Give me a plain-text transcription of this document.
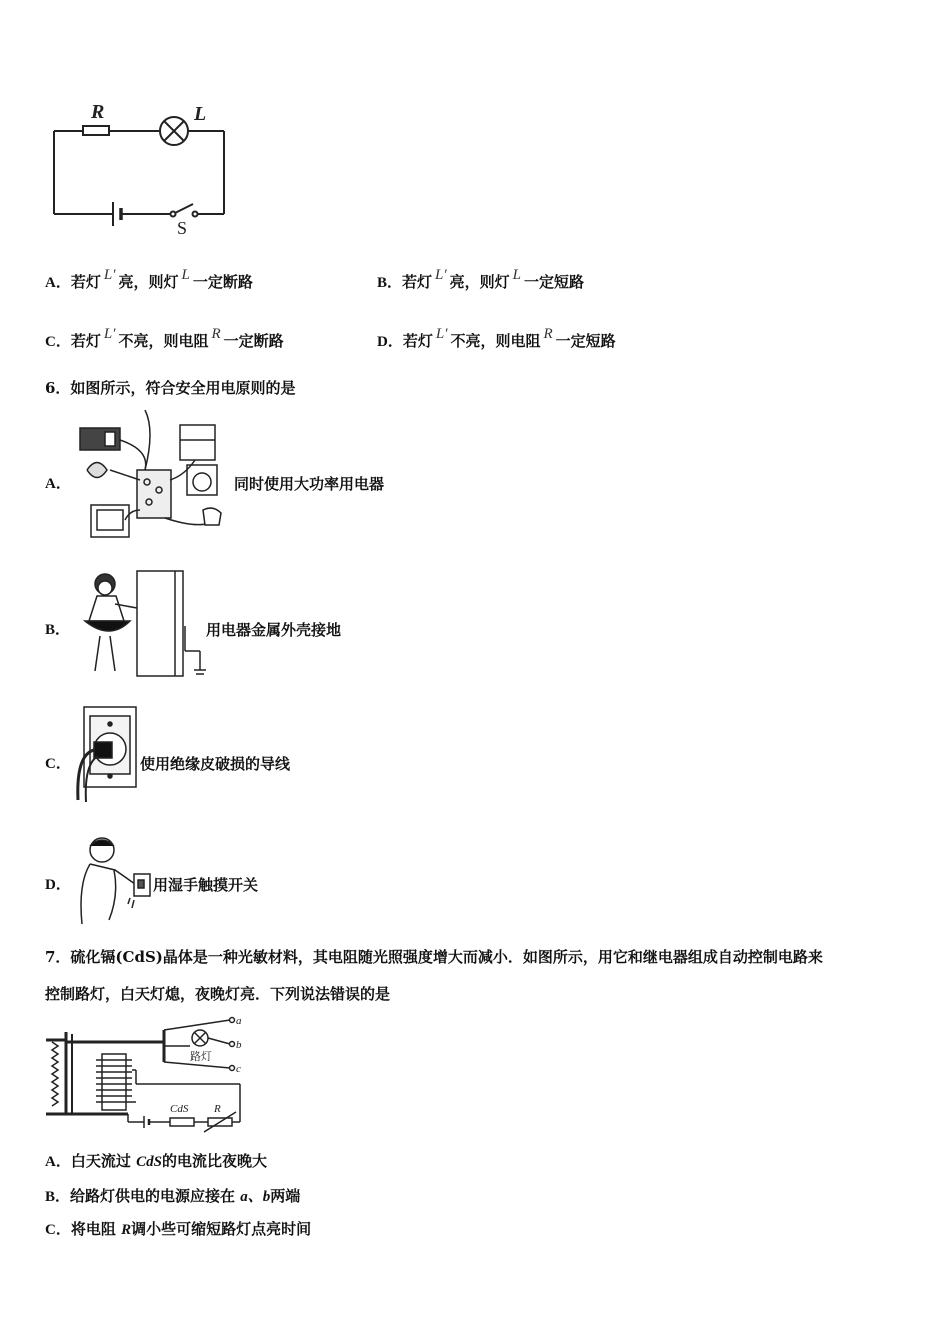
R	L
S
A．若灯 L′ 亮，则灯 L 一定断路	B．若灯 L′ 亮，则灯 L 一定短路
C．若灯 L′ 不亮，则电阻 R 一定断路	D．若灯 L′ 不亮，则电阻 R 一定短路
6．如图所示，符合安全用电原则的是
A．	同时使用大功率用电器
B．	用电器金属外壳接地
C．	使用绝缘皮破损的导线
D．	用湿手触摸开关
7．硫化镉(CdS)晶体是一种光敏材料，其电阻随光照强度增大而减小．如图所示，用它和继电器组成自动控制电路来
控制路灯，白天灯熄，夜晚灯亮．下列说法错误的是
a
b
c
路灯
CdS R
A．白天流过 CdS的电流比夜晚大
B．给路灯供电的电源应接在 a、b两端
C．将电阻 R调小些可缩短路灯点亮时间
